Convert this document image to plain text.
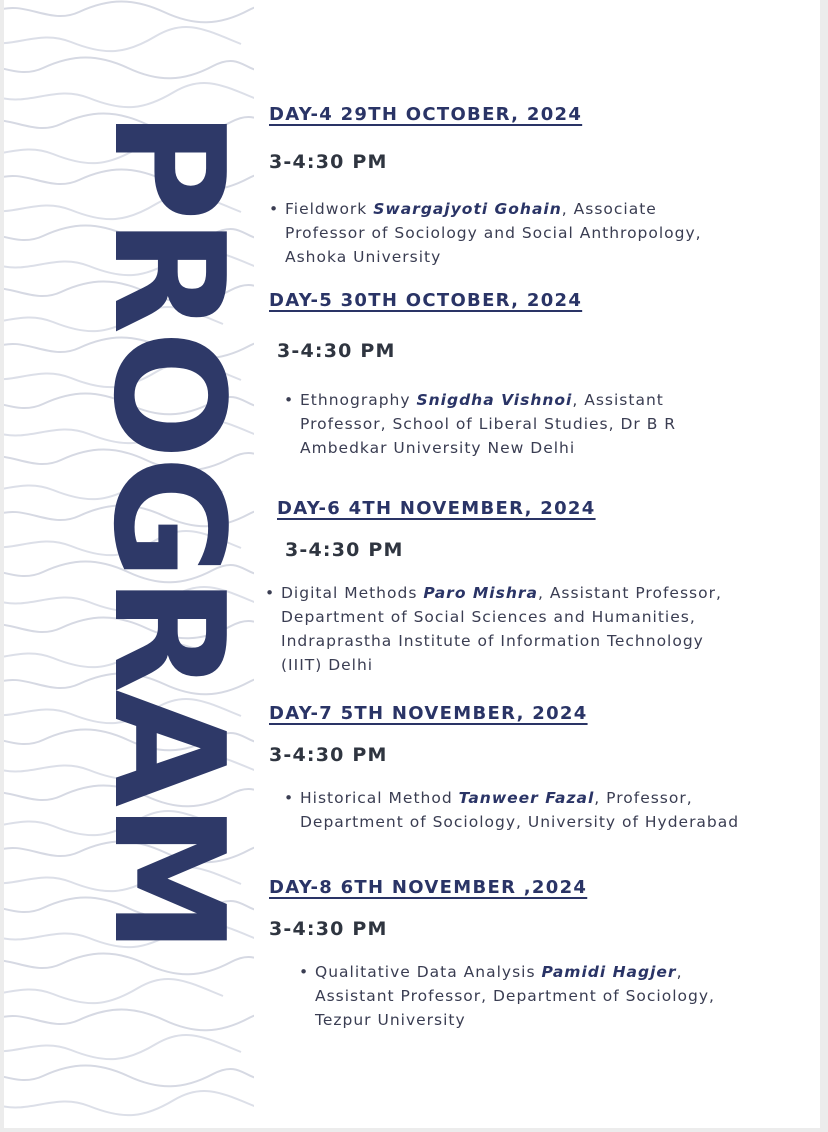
PROGRAM DAY-4 29TH OCTOBER, 2024

3-4:30 PM

• Fieldwork Swargajyoti Gohain, Associate Professor of Sociology and Social Anthropology, Ashoka University

DAY-5 30TH OCTOBER, 2024

3-4:30 PM

• Ethnography Snigdha Vishnoi, Assistant Professor, School of Liberal Studies, Dr B R Ambedkar University New Delhi

DAY-6 4TH NOVEMBER, 2024

3-4:30 PM

• Digital Methods Paro Mishra, Assistant Professor, Department of Social Sciences and Humanities, Indraprastha Institute of Information Technology (IIIT) Delhi

DAY-7 5TH NOVEMBER, 2024

3-4:30 PM

• Historical Method Tanweer Fazal, Professor, Department of Sociology, University of Hyderabad

DAY-8 6TH NOVEMBER ,2024

3-4:30 PM

• Qualitative Data Analysis Pamidi Hagjer, Assistant Professor, Department of Sociology, Tezpur University
